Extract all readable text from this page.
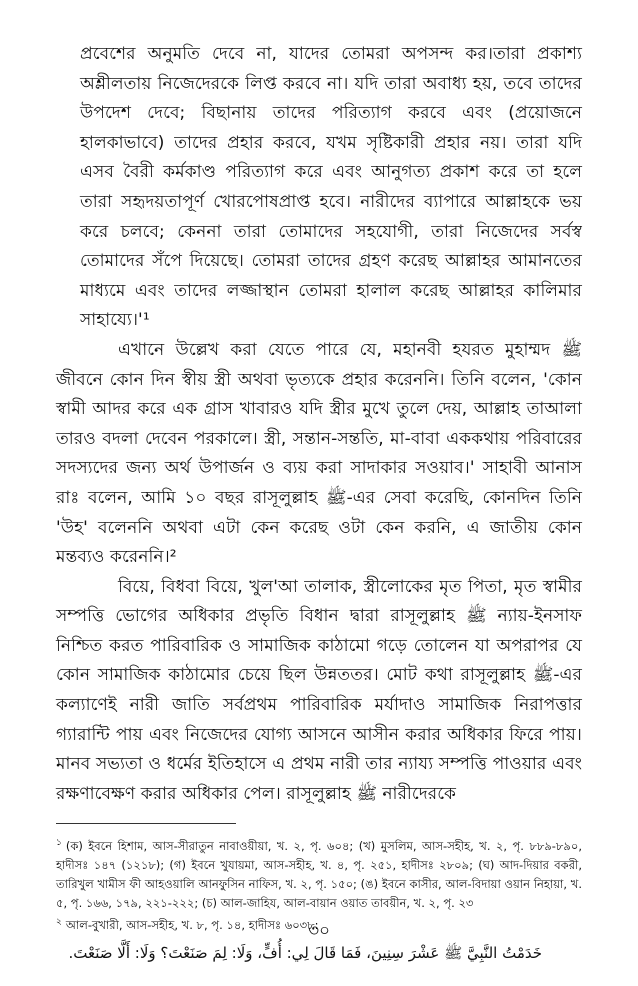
প্রবেশের অনুমতি দেবে না, যাদের তোমরা অপসন্দ কর।তারা প্রকাশ্য অশ্লীলতায় নিজেদেরকে লিপ্ত করবে না। যদি তারা অবাধ্য হয়, তবে তাদের উপদেশ দেবে; বিছানায় তাদের পরিত্যাগ করবে এবং (প্রয়োজনে হালকাভাবে) তাদের প্রহার করবে, যখম সৃষ্টিকারী প্রহার নয়। তারা যদি এসব বৈরী কর্মকাণ্ড পরিত্যাগ করে এবং আনুগত্য প্রকাশ করে তা হলে তারা সহৃদয়তাপূর্ণ খোরপোষপ্রাপ্ত হবে। নারীদের ব্যাপারে আল্লাহকে ভয় করে চলবে; কেননা তারা তোমাদের সহযোগী, তারা নিজেদের সর্বস্ব তোমাদের সঁপে দিয়েছে। তোমরা তাদের গ্রহণ করেছ আল্লাহর আমানতের মাধ্যমে এবং তাদের লজ্জাস্থান তোমরা হালাল করেছ আল্লাহর কালিমার সাহায্যে।'¹

এখানে উল্লেখ করা যেতে পারে যে, মহানবী হযরত মুহাম্মদ ﷺ জীবনে কোন দিন স্বীয় স্ত্রী অথবা ভৃত্যকে প্রহার করেননি। তিনি বলেন, 'কোন স্বামী আদর করে এক গ্রাস খাবারও যদি স্ত্রীর মুখে তুলে দেয়, আল্লাহ তাআলা তারও বদলা দেবেন পরকালে। স্ত্রী, সন্তান-সন্ততি, মা-বাবা এককথায় পরিবারের সদস্যদের জন্য অর্থ উপার্জন ও ব্যয় করা সাদাকার সওয়াব।' সাহাবী আনাস রাঃ বলেন, আমি ১০ বছর রাসূলুল্লাহ ﷺ-এর সেবা করেছি, কোনদিন তিনি 'উহ' বলেননি অথবা এটা কেন করেছ ওটা কেন করনি, এ জাতীয় কোন মন্তব্যও করেননি।²

বিয়ে, বিধবা বিয়ে, খুল'আ তালাক, স্ত্রীলোকের মৃত পিতা, মৃত স্বামীর সম্পত্তি ভোগের অধিকার প্রভৃতি বিধান দ্বারা রাসূলুল্লাহ ﷺ ন্যায়-ইনসাফ নিশ্চিত করত পারিবারিক ও সামাজিক কাঠামো গড়ে তোলেন যা অপরাপর যে কোন সামাজিক কাঠামোর চেয়ে ছিল উন্নততর। মোট কথা রাসূলুল্লাহ ﷺ-এর কল্যাণেই নারী জাতি সর্বপ্রথম পারিবারিক মর্যাদাও সামাজিক নিরাপত্তার গ্যারান্টি পায় এবং নিজেদের যোগ্য আসনে আসীন করার অধিকার ফিরে পায়। মানব সভ্যতা ও ধর্মের ইতিহাসে এ প্রথম নারী তার ন্যায্য সম্পত্তি পাওয়ার এবং রক্ষণাবেক্ষণ করার অধিকার পেল। রাসূলুল্লাহ ﷺ নারীদেরকে

$^১$ (ক) ইবনে হিশাম, আস-সীরাতুন নাবাওয়ীয়া, খ. ২, পৃ. ৬০৪; (খ) মুসলিম, আস-সহীহ, খ. ২, পৃ. ৮৮৯-৮৯০, হাদীসঃ ১৪৭ (১২১৮); (গ) ইবনে খুযায়মা, আস-সহীহ, খ. ৪, পৃ. ২৫১, হাদীসঃ ২৮০৯; (ঘ) আদ-দিয়ার বকরী, তারিখুল খামীস ফী আহওয়ালি আনফুসিন নাফিস, খ. ২, পৃ. ১৫০; (ঙ) ইবনে কাসীর, আল-বিদায়া ওয়ান নিহায়া, খ. ৫, পৃ. ১৬৬, ১৭৯, ২২১-২২২; (চ) আল-জাহিয, আল-বায়ান ওয়াত তাবয়ীন, খ. ২, পৃ. ২৩

$^২$ আল-বুখারী, আস-সহীহ, খ. ৮, পৃ. ১৪, হাদীসঃ ৬০৩৮:

خَدَمْتُ النَّبِيَّ ﷺ عَشْرَ سِنِينَ، فَمَا قَالَ لِي: أُفٍّ، وَلَا: لِمَ صَنَعْتَ؟ وَلَا: أَلَّا صَنَعْتَ.

৩০
